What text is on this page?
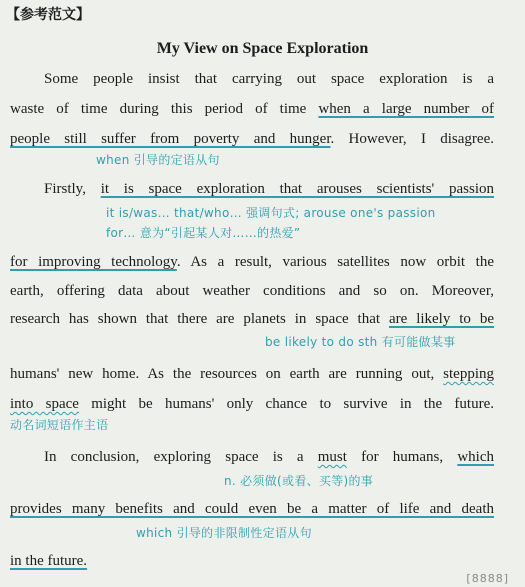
【参考范文】
My View on Space Exploration
Some people insist that carrying out space exploration is a
waste of time during this period of time when a large number of
people still suffer from poverty and hunger. However, I disagree.
when 引导的定语从句
Firstly, it is space exploration that arouses scientists' passion
it is/was… that/who… 强调句式; arouse one's passion
for… 意为“引起某人对……的热爱”
for improving technology. As a result, various satellites now orbit the
earth, offering data about weather conditions and so on. Moreover,
research has shown that there are planets in space that are likely to be
be likely to do sth 有可能做某事
humans' new home. As the resources on earth are running out, stepping
into space might be humans' only chance to survive in the future.
动名词短语作主语
In conclusion, exploring space is a must for humans, which
n. 必须做(或看、买等)的事
provides many benefits and could even be a matter of life and death
which 引导的非限制性定语从句
in the future.
[8888]
